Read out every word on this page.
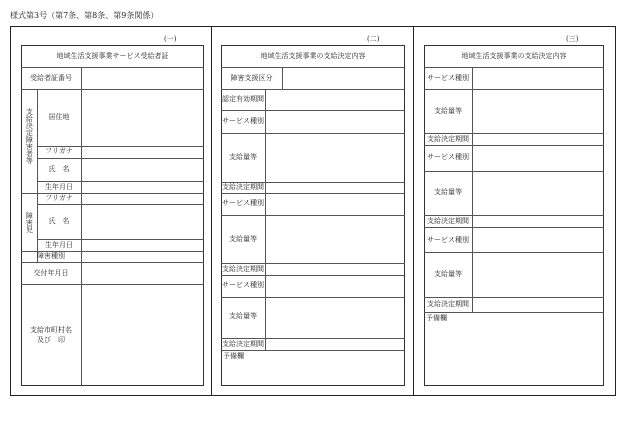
様式第3号（第7条、第8条、第9条関係）
(一)
地域生活支援事業サービス受給者証
受給者証番号
支給決定障害者等	居住地
フリガナ
氏　名
生年月日
障害児
フリガナ
氏　名
生年月日
障害種別
交付年月日
支給市町村名
及び　印
(二)
地域生活支援事業の支給決定内容
障害支援区分
認定有効期間
サービス種別
支給量等
支給決定期間
サービス種別
支給量等
支給決定期間
サービス種別
支給量等
支給決定期間
予備欄
(三)
地域生活支援事業の支給決定内容
サービス種別
支給量等
支給決定期間
サービス種別
支給量等
支給決定期間
サービス種別
支給量等
支給決定期間
予備欄
